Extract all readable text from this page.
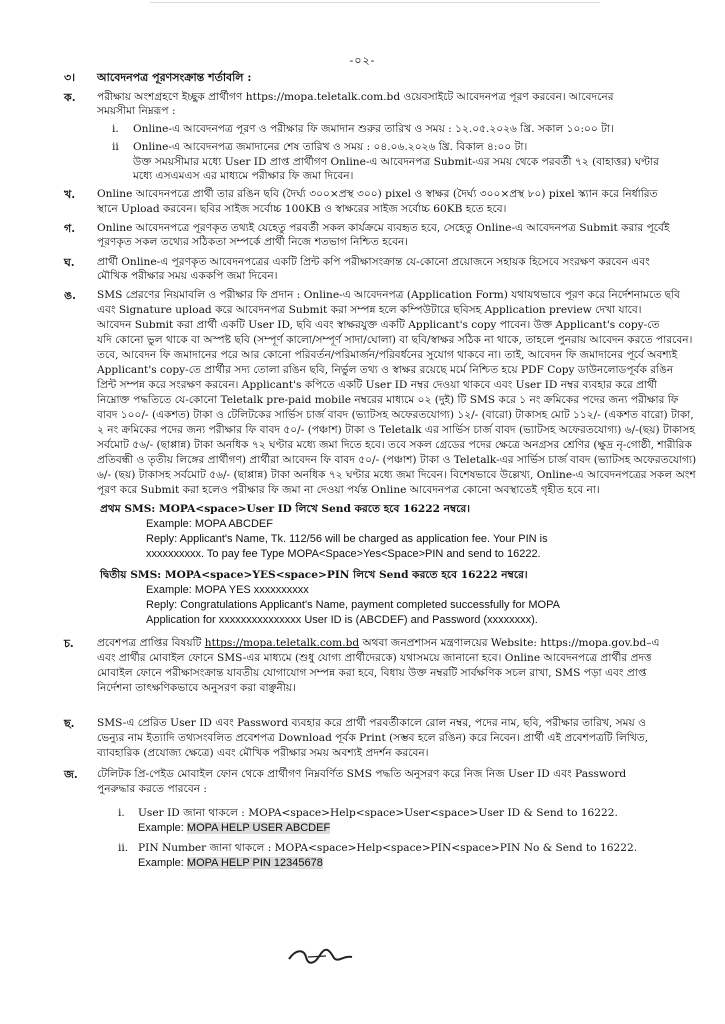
-০২-
৩। আবেদনপত্র পূরণসংক্রান্ত শর্তাবলি :
ক. পরীক্ষায় অংশগ্রহণে ইচ্ছুক প্রার্থীগণ https://mopa.teletalk.com.bd ওয়েবসাইটে আবেদনপত্র পূরণ করবেন। আবেদনের
সময়সীমা নিম্নরূপ :
i. Online-এ আবেদনপত্র পূরণ ও পরীক্ষার ফি জমাদান শুরুর তারিখ ও সময় : ১২.০৫.২০২৬ খ্রি. সকাল ১০:০০ টা।
ii Online-এ আবেদনপত্র জমাদানের শেষ তারিখ ও সময় : ০৪.০৬.২০২৬ খ্রি. বিকাল ৪:০০ টা।
উক্ত সময়সীমার মধ্যে User ID প্রাপ্ত প্রার্থীগণ Online-এ আবেদনপত্র Submit-এর সময় থেকে পরবর্তী ৭২ (বাহাত্তর) ঘণ্টার
মধ্যে এসএমএস এর মাধ্যমে পরীক্ষার ফি জমা দিবেন।
খ. Online আবেদনপত্রে প্রার্থী তার রঙিন ছবি (দৈর্ঘ্য ৩০০×প্রস্থ ৩০০) pixel ও স্বাক্ষর (দৈর্ঘ্য ৩০০×প্রস্থ ৮০) pixel স্ক্যান করে নির্ধারিত
স্থানে Upload করবেন। ছবির সাইজ সর্বোচ্চ 100KB ও স্বাক্ষরের সাইজ সর্বোচ্চ 60KB হতে হবে।
গ. Online আবেদনপত্রে পূরণকৃত তথ্যই যেহেতু পরবর্তী সকল কার্যক্রমে ব্যবহৃত হবে, সেহেতু Online-এ আবেদনপত্র Submit করার পূর্বেই
পূরণকৃত সকল তথ্যের সঠিকতা সম্পর্কে প্রার্থী নিজে শতভাগ নিশ্চিত হবেন।
ঘ. প্রার্থী Online-এ পূরণকৃত আবেদনপত্রের একটি প্রিন্ট কপি পরীক্ষাসংক্রান্ত যে-কোনো প্রয়োজনে সহায়ক হিসেবে সংরক্ষণ করবেন এবং
মৌখিক পরীক্ষার সময় এককপি জমা দিবেন।
ঙ. SMS প্রেরণের নিয়মাবলি ও পরীক্ষার ফি প্রদান : Online-এ আবেদনপত্র (Application Form) যথাযথভাবে পূরণ করে নির্দেশনামতে ছবি
এবং Signature upload করে আবেদনপত্র Submit করা সম্পন্ন হলে কম্পিউটারে ছবিসহ Application preview দেখা যাবে।
আবেদন Submit করা প্রার্থী একটি User ID, ছবি এবং স্বাক্ষরযুক্ত একটি Applicant's copy পাবেন। উক্ত Applicant's copy-তে
যদি কোনো ভুল থাকে বা অস্পষ্ট ছবি (সম্পূর্ণ কালো/সম্পূর্ণ সাদা/ঘোলা) বা ছবি/স্বাক্ষর সঠিক না থাকে, তাহলে পুনরায় আবেদন করতে পারবেন।
তবে, আবেদন ফি জমাদানের পরে আর কোনো পরিবর্তন/পরিমার্জন/পরিবর্ধনের সুযোগ থাকবে না। তাই, আবেদন ফি জমাদানের পূর্বে অবশ্যই
Applicant's copy-তে প্রার্থীর সদ্য তোলা রঙিন ছবি, নির্ভুল তথ্য ও স্বাক্ষর রয়েছে মর্মে নিশ্চিত হয়ে PDF Copy ডাউনলোডপূর্বক রঙিন
প্রিন্ট সম্পন্ন করে সংরক্ষণ করবেন। Applicant's কপিতে একটি User ID নম্বর দেওয়া থাকবে এবং User ID নম্বর ব্যবহার করে প্রার্থী
নিম্নোক্ত পদ্ধতিতে যে-কোনো Teletalk pre-paid mobile নম্বরের মাধ্যমে ০২ (দুই) টি SMS করে ১ নং ক্রমিকের পদের জন্য পরীক্ষার ফি
বাবদ ১০০/- (একশত) টাকা ও টেলিটকের সার্ভিস চার্জ বাবদ (ভ্যাটসহ অফেরতযোগ্য) ১২/- (বারো) টাকাসহ মোট ১১২/- (একশত বারো) টাকা,
২ নং ক্রমিকের পদের জন্য পরীক্ষার ফি বাবদ ৫০/- (পঞ্চাশ) টাকা ও Teletalk এর সার্ভিস চার্জ বাবদ (ভ্যাটসহ অফেরতযোগ্য) ৬/-(ছয়) টাকাসহ
সর্বমোট ৫৬/- (ছাপ্পান্ন) টাকা অনধিক ৭২ ঘণ্টার মধ্যে জমা দিতে হবে। তবে সকল গ্রেডের পদের ক্ষেত্রে অনগ্রসর শ্রেণির (ক্ষুদ্র নৃ-গোষ্ঠী, শারীরিক
প্রতিবন্ধী ও তৃতীয় লিঙ্গের প্রার্থীগণ) প্রার্থীরা আবেদন ফি বাবদ ৫০/- (পঞ্চাশ) টাকা ও Teletalk-এর সার্ভিস চার্জ বাবদ (ভ্যাটসহ অফেরতযোগ্য)
৬/- (ছয়) টাকাসহ সর্বমোট ৫৬/- (ছাপ্পান্ন) টাকা অনধিক ৭২ ঘণ্টার মধ্যে জমা দিবেন। বিশেষভাবে উল্লেখ্য, Online-এ আবেদনপত্রের সকল অংশ
পূরণ করে Submit করা হলেও পরীক্ষার ফি জমা না দেওয়া পর্যন্ত Online আবেদনপত্র কোনো অবস্থাতেই গৃহীত হবে না।
প্রথম SMS: MOPA<space>User ID লিখে Send করতে হবে 16222 নম্বরে।
Example: MOPA ABCDEF
Reply: Applicant's Name, Tk. 112/56 will be charged as application fee. Your PIN is
xxxxxxxxxx. To pay fee Type MOPA<Space>Yes<Space>PIN and send to 16222.
দ্বিতীয় SMS: MOPA<space>YES<space>PIN লিখে Send করতে হবে 16222 নম্বরে।
Example: MOPA YES xxxxxxxxxx
Reply: Congratulations Applicant's Name, payment completed successfully for MOPA
Application for xxxxxxxxxxxxxxx User ID is (ABCDEF) and Password (xxxxxxxx).
চ. প্রবেশপত্র প্রাপ্তির বিষয়টি https://mopa.teletalk.com.bd অথবা জনপ্রশাসন মন্ত্রণালয়ের Website: https://mopa.gov.bd–এ
এবং প্রার্থীর মোবাইল ফোনে SMS-এর মাধ্যমে (শুধু যোগ্য প্রার্থীদেরকে) যথাসময়ে জানানো হবে। Online আবেদনপত্রে প্রার্থীর প্রদত্ত
মোবাইল ফোনে পরীক্ষাসংক্রান্ত যাবতীয় যোগাযোগ সম্পন্ন করা হবে, বিধায় উক্ত নম্বরটি সার্বক্ষণিক সচল রাখা, SMS পড়া এবং প্রাপ্ত
নির্দেশনা তাৎক্ষণিকভাবে অনুসরণ করা বাঞ্ছনীয়।
ছ. SMS-এ প্রেরিত User ID এবং Password ব্যবহার করে প্রার্থী পরবর্তীকালে রোল নম্বর, পদের নাম, ছবি, পরীক্ষার তারিখ, সময় ও
ভেন্যুর নাম ইত্যাদি তথ্যসংবলিত প্রবেশপত্র Download পূর্বক Print (সম্ভব হলে রঙিন) করে নিবেন। প্রার্থী এই প্রবেশপত্রটি লিখিত,
ব্যাবহারিক (প্রযোজ্য ক্ষেত্রে) এবং মৌখিক পরীক্ষার সময় অবশ্যই প্রদর্শন করবেন।
জ. টেলিটক প্রি-পেইড মোবাইল ফোন থেকে প্রার্থীগণ নিম্নবর্ণিত SMS পদ্ধতি অনুসরণ করে নিজ নিজ User ID এবং Password
পুনরুদ্ধার করতে পারবেন :
i. User ID জানা থাকলে : MOPA<space>Help<space>User<space>User ID & Send to 16222.
Example: MOPA HELP USER ABCDEF
ii. PIN Number জানা থাকলে : MOPA<space>Help<space>PIN<space>PIN No & Send to 16222.
Example: MOPA HELP PIN 12345678
